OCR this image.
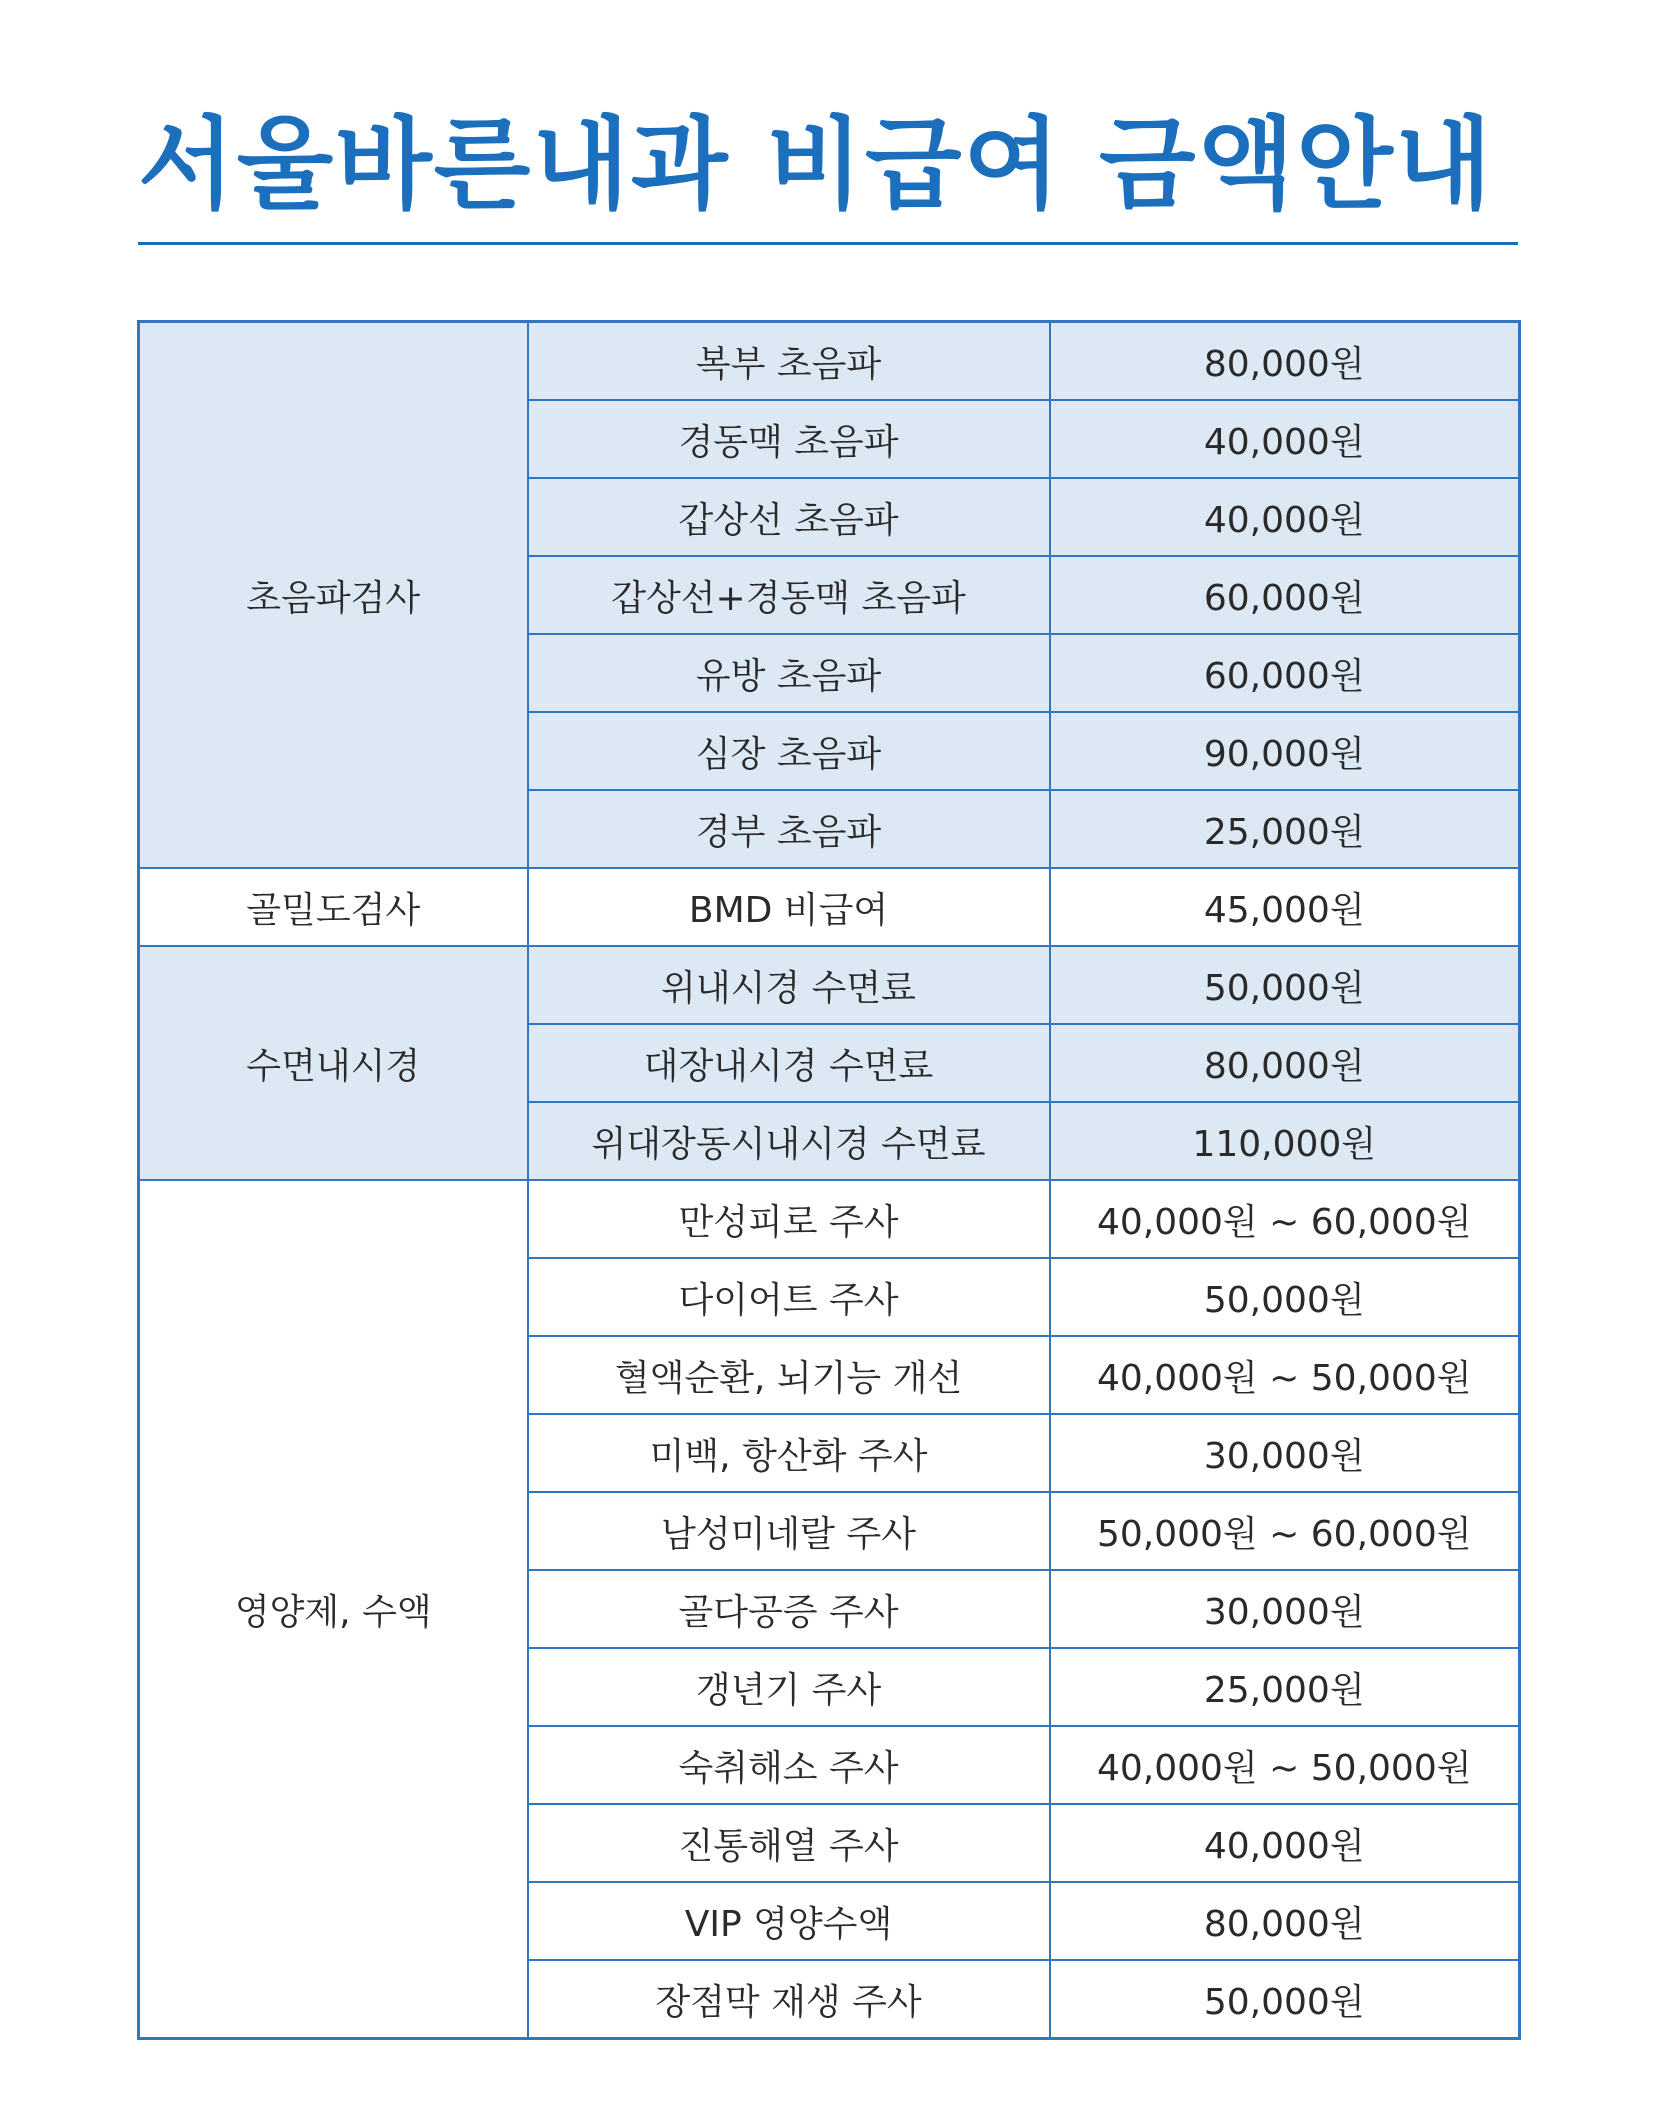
서울바른내과 비급여 금액안내
초음파검사	복부 초음파	80,000원
	경동맥 초음파	40,000원
	갑상선 초음파	40,000원
	갑상선+경동맥 초음파	60,000원
	유방 초음파	60,000원
	심장 초음파	90,000원
	경부 초음파	25,000원
골밀도검사	BMD 비급여	45,000원
수면내시경	위내시경 수면료	50,000원
	대장내시경 수면료	80,000원
	위대장동시내시경 수면료	110,000원
영양제, 수액	만성피로 주사	40,000원 ~ 60,000원
	다이어트 주사	50,000원
	혈액순환, 뇌기능 개선	40,000원 ~ 50,000원
	미백, 항산화 주사	30,000원
	남성미네랄 주사	50,000원 ~ 60,000원
	골다공증 주사	30,000원
	갱년기 주사	25,000원
	숙취해소 주사	40,000원 ~ 50,000원
	진통해열 주사	40,000원
	VIP 영양수액	80,000원
	장점막 재생 주사	50,000원
